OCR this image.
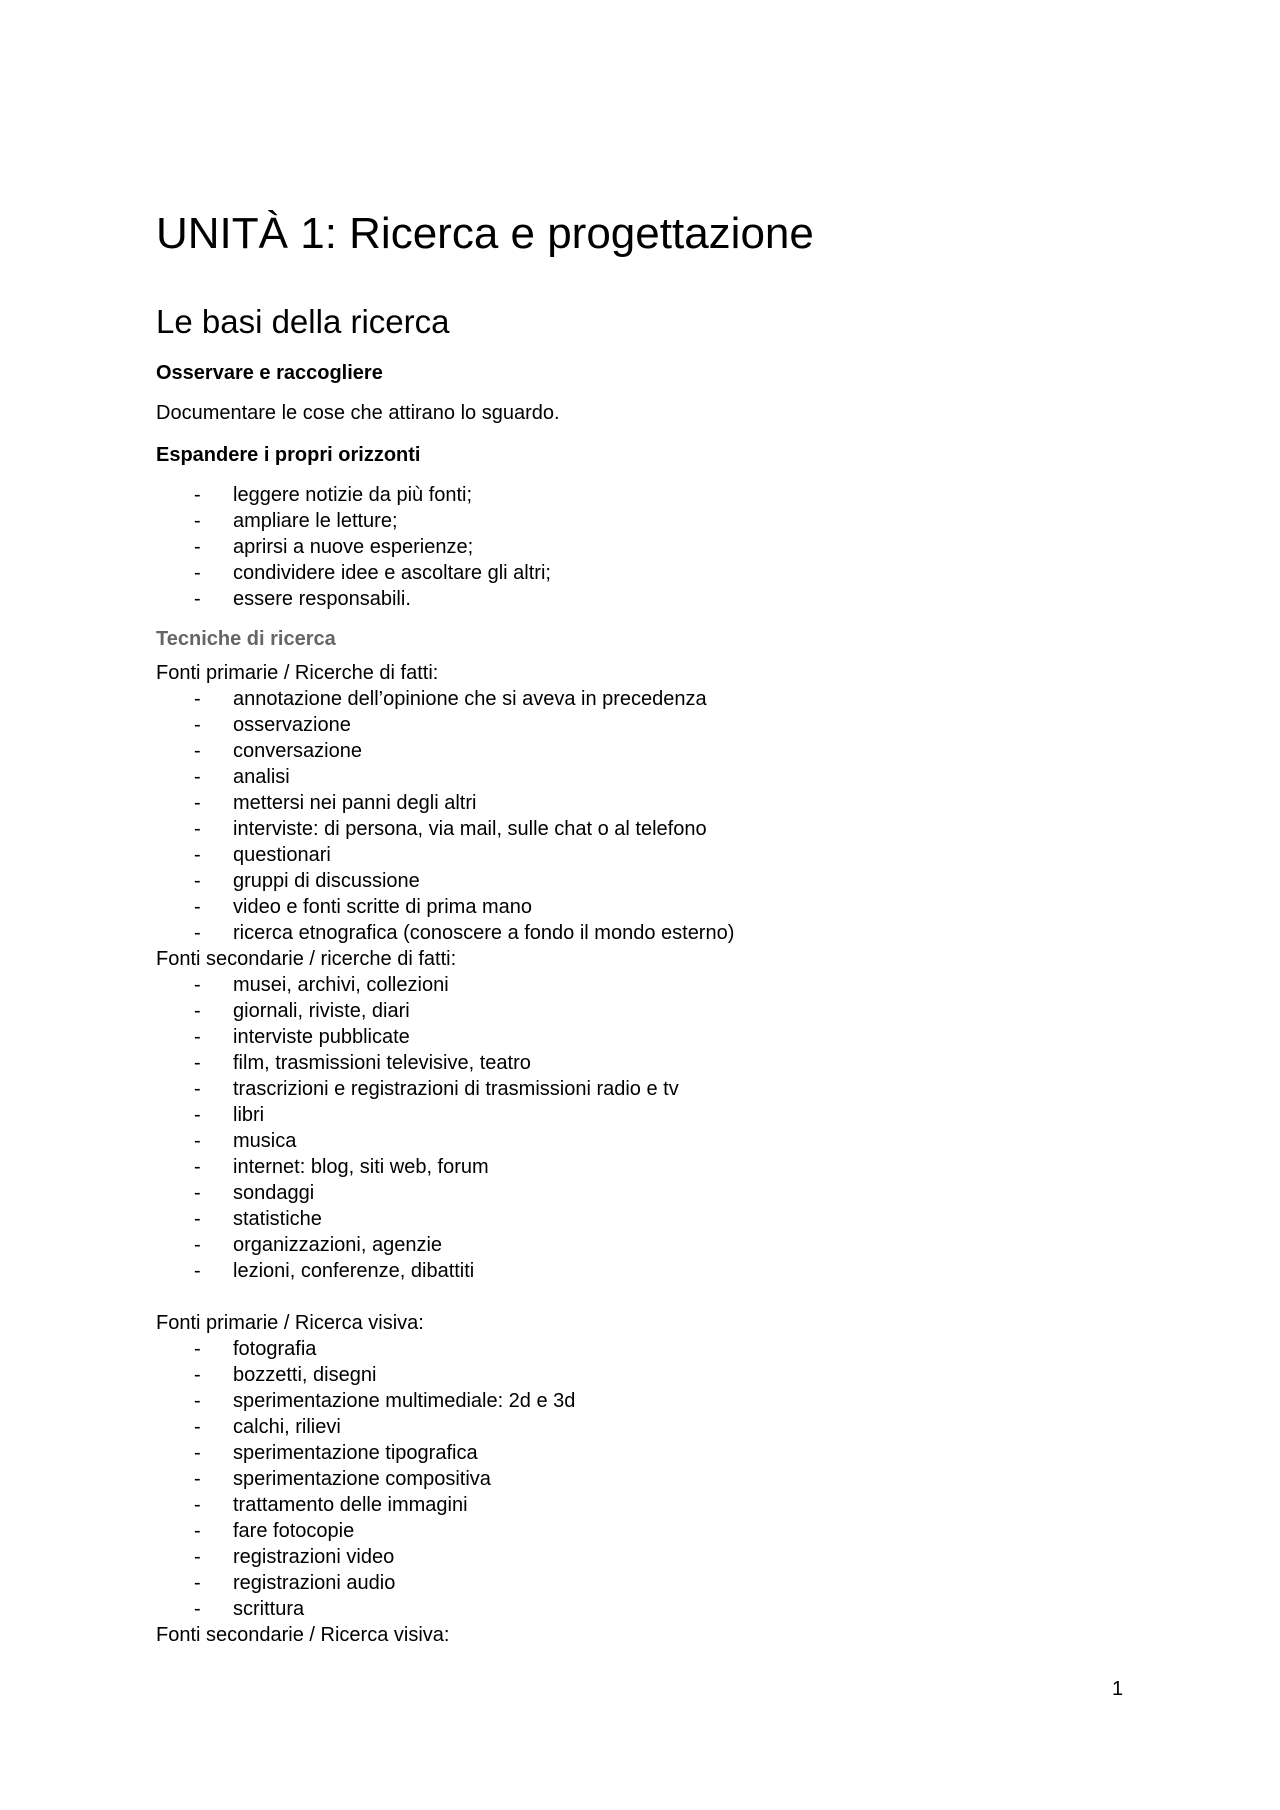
UNITÀ 1: Ricerca e progettazione
Le basi della ricerca
Osservare e raccogliere
Documentare le cose che attirano lo sguardo.
Espandere i propri orizzonti
- leggere notizie da più fonti;
- ampliare le letture;
- aprirsi a nuove esperienze;
- condividere idee e ascoltare gli altri;
- essere responsabili.
Tecniche di ricerca
Fonti primarie / Ricerche di fatti:
- annotazione dell’opinione che si aveva in precedenza
- osservazione
- conversazione
- analisi
- mettersi nei panni degli altri
- interviste: di persona, via mail, sulle chat o al telefono
- questionari
- gruppi di discussione
- video e fonti scritte di prima mano
- ricerca etnografica (conoscere a fondo il mondo esterno)
Fonti secondarie / ricerche di fatti:
- musei, archivi, collezioni
- giornali, riviste, diari
- interviste pubblicate
- film, trasmissioni televisive, teatro
- trascrizioni e registrazioni di trasmissioni radio e tv
- libri
- musica
- internet: blog, siti web, forum
- sondaggi
- statistiche
- organizzazioni, agenzie
- lezioni, conferenze, dibattiti
Fonti primarie / Ricerca visiva:
- fotografia
- bozzetti, disegni
- sperimentazione multimediale: 2d e 3d
- calchi, rilievi
- sperimentazione tipografica
- sperimentazione compositiva
- trattamento delle immagini
- fare fotocopie
- registrazioni video
- registrazioni audio
- scrittura
Fonti secondarie / Ricerca visiva:
1
